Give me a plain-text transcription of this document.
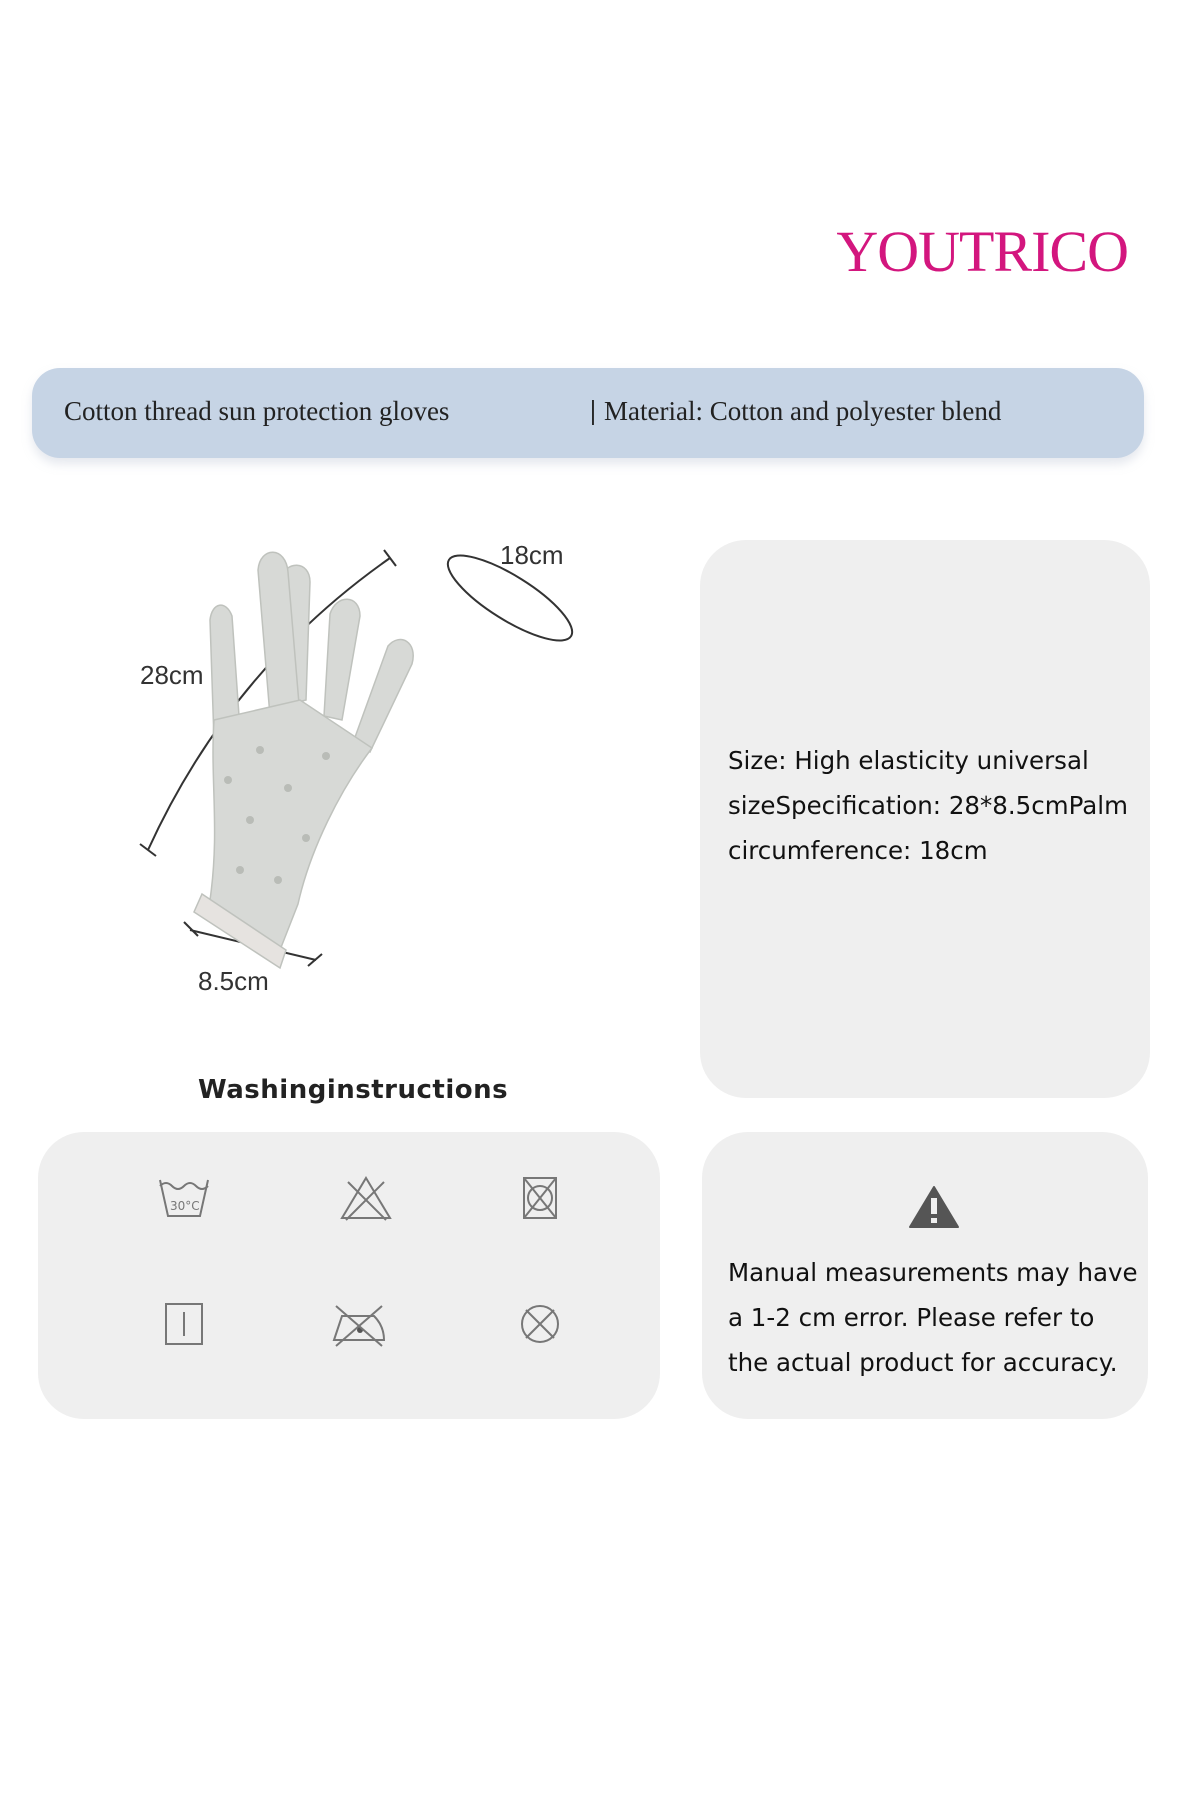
YOUTRICO
Cotton thread sun protection gloves	| Material: Cotton and polyester blend
28cm
18cm
8.5cm
Size: High elasticity universal sizeSpecification: 28*8.5cmPalm circumference: 18cm
Washinginstructions
30°C
Manual measurements may have a 1-2 cm error. Please refer to the actual product for accuracy.
